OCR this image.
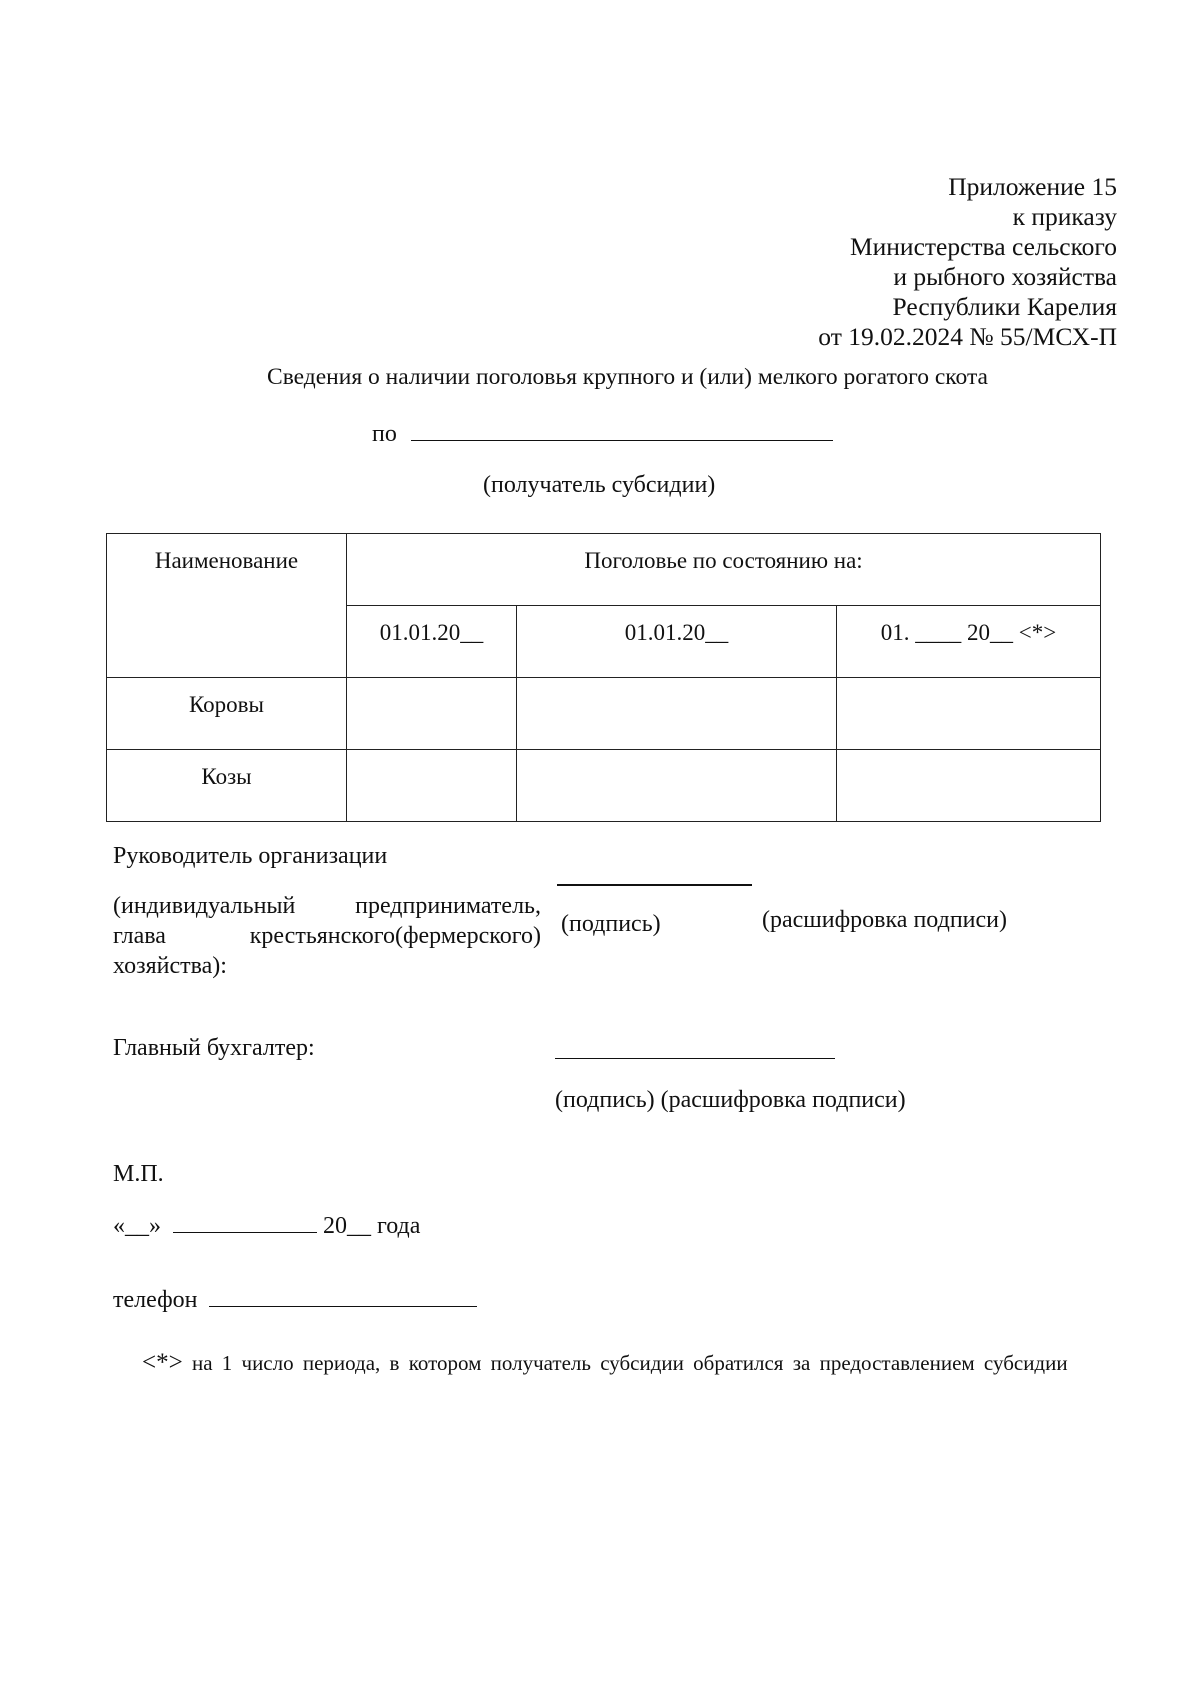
Приложение 15
к приказу
Министерства сельского
и рыбного хозяйства
Республики Карелия
от 19.02.2024 № 55/МСХ-П
Сведения о наличии поголовья крупного и (или) мелкого рогатого скота
по
(получатель субсидии)
Наименование	Поголовье по состоянию на:		
	01.01.20__	01.01.20__	01. ____ 20__ <*>
Коровы			
Козы			
Руководитель организации
(индивидуальный предприниматель, глава крестьянского(фермерского) хозяйства):
(подпись)	(расшифровка подписи)
Главный бухгалтер:
(подпись) (расшифровка подписи)
М.П.
«__»	20__ года
телефон
<*> на 1 число периода, в котором получатель субсидии обратился за предоставлением субсидии
